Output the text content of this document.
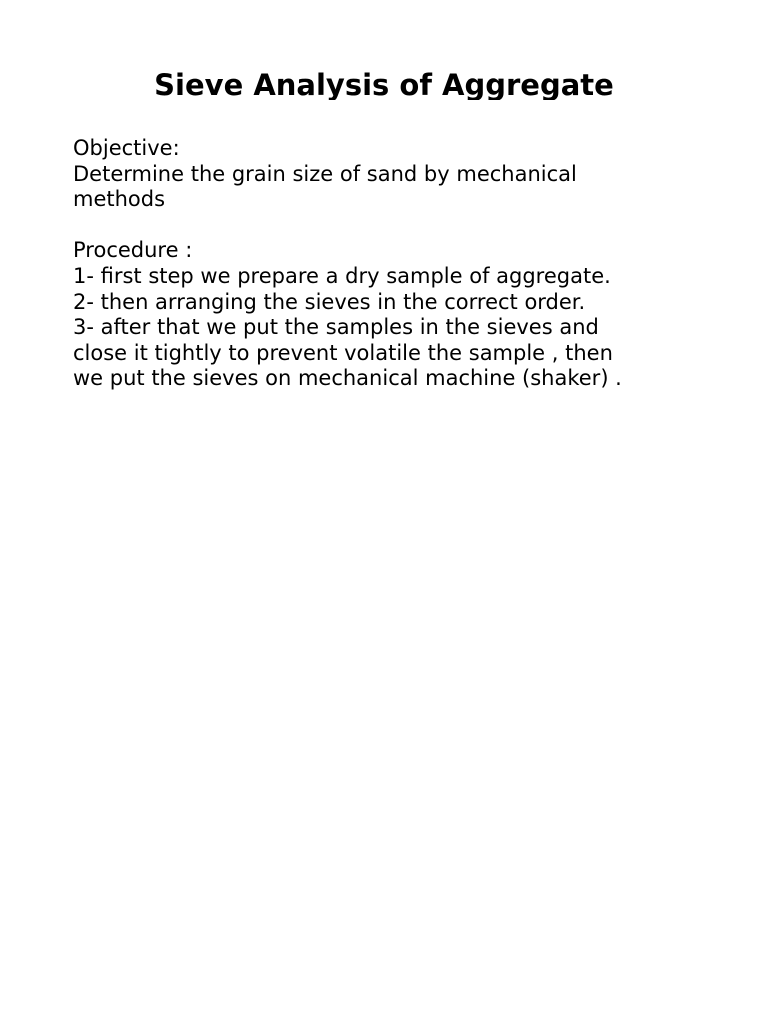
Sieve Analysis of Aggregate
Objective:
Determine the grain size of sand by mechanical
methods
Procedure :
1- first step we prepare a dry sample of aggregate.
2- then arranging the sieves in the correct order.
3- after that we put the samples in the sieves and
close it tightly to prevent volatile the sample , then
we put the sieves on mechanical machine (shaker) .
